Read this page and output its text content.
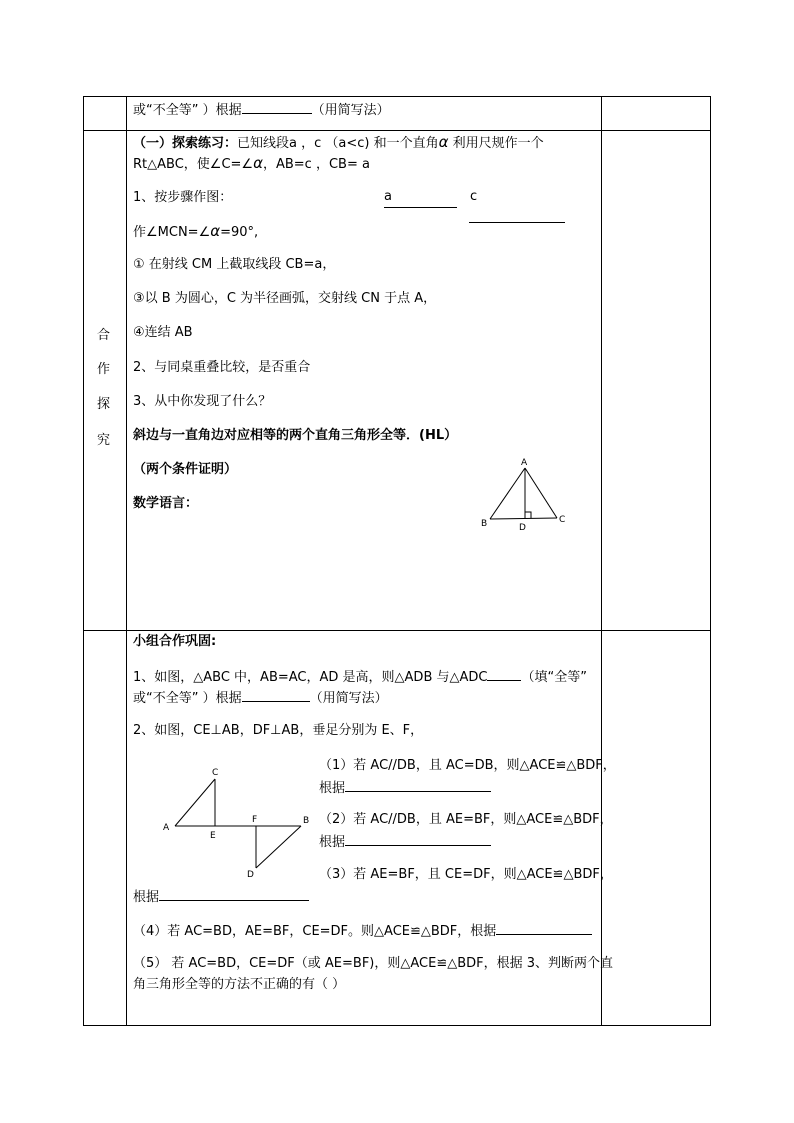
或“不全等” ）根据	（用简写法）
合
作
探
究
（一）探索练习：已知线段a ，c （a<c) 和一个直角α 利用尺规作一个
Rt△ABC，使∠C=∠α，AB=c ，CB= a
1、按步骤作图：	a	c
作∠MCN=∠α=90°,
① 在射线 CM 上截取线段 CB=a，
③以 B 为圆心，C 为半径画弧，交射线 CN 于点 A，
④连结 AB
2、与同桌重叠比较，是否重合
3、从中你发现了什么？
斜边与一直角边对应相等的两个直角三角形全等．(HL）
（两个条件证明）
数学语言：
A
B	C
D
小组合作巩固:
1、如图，△ABC 中，AB=AC，AD 是高，则△ADB 与△ADC	（填“全等”
或“不全等” ）根据	（用简写法）
2、如图，CE⊥AB，DF⊥AB，垂足分别为 E、F，
（1）若 AC//DB，且 AC=DB，则△ACE≌△BDF，
根据
（2）若 AC//DB，且 AE=BF，则△ACE≌△BDF，
根据
（3）若 AE=BF，且 CE=DF，则△ACE≌△BDF，
根据
（4）若 AC=BD，AE=BF，CE=DF。则△ACE≌△BDF，根据
（5） 若 AC=BD，CE=DF（或 AE=BF)，则△ACE≌△BDF，根据 3、判断两个直
角三角形全等的方法不正确的有（ ）
C
A
E
F	B
D
